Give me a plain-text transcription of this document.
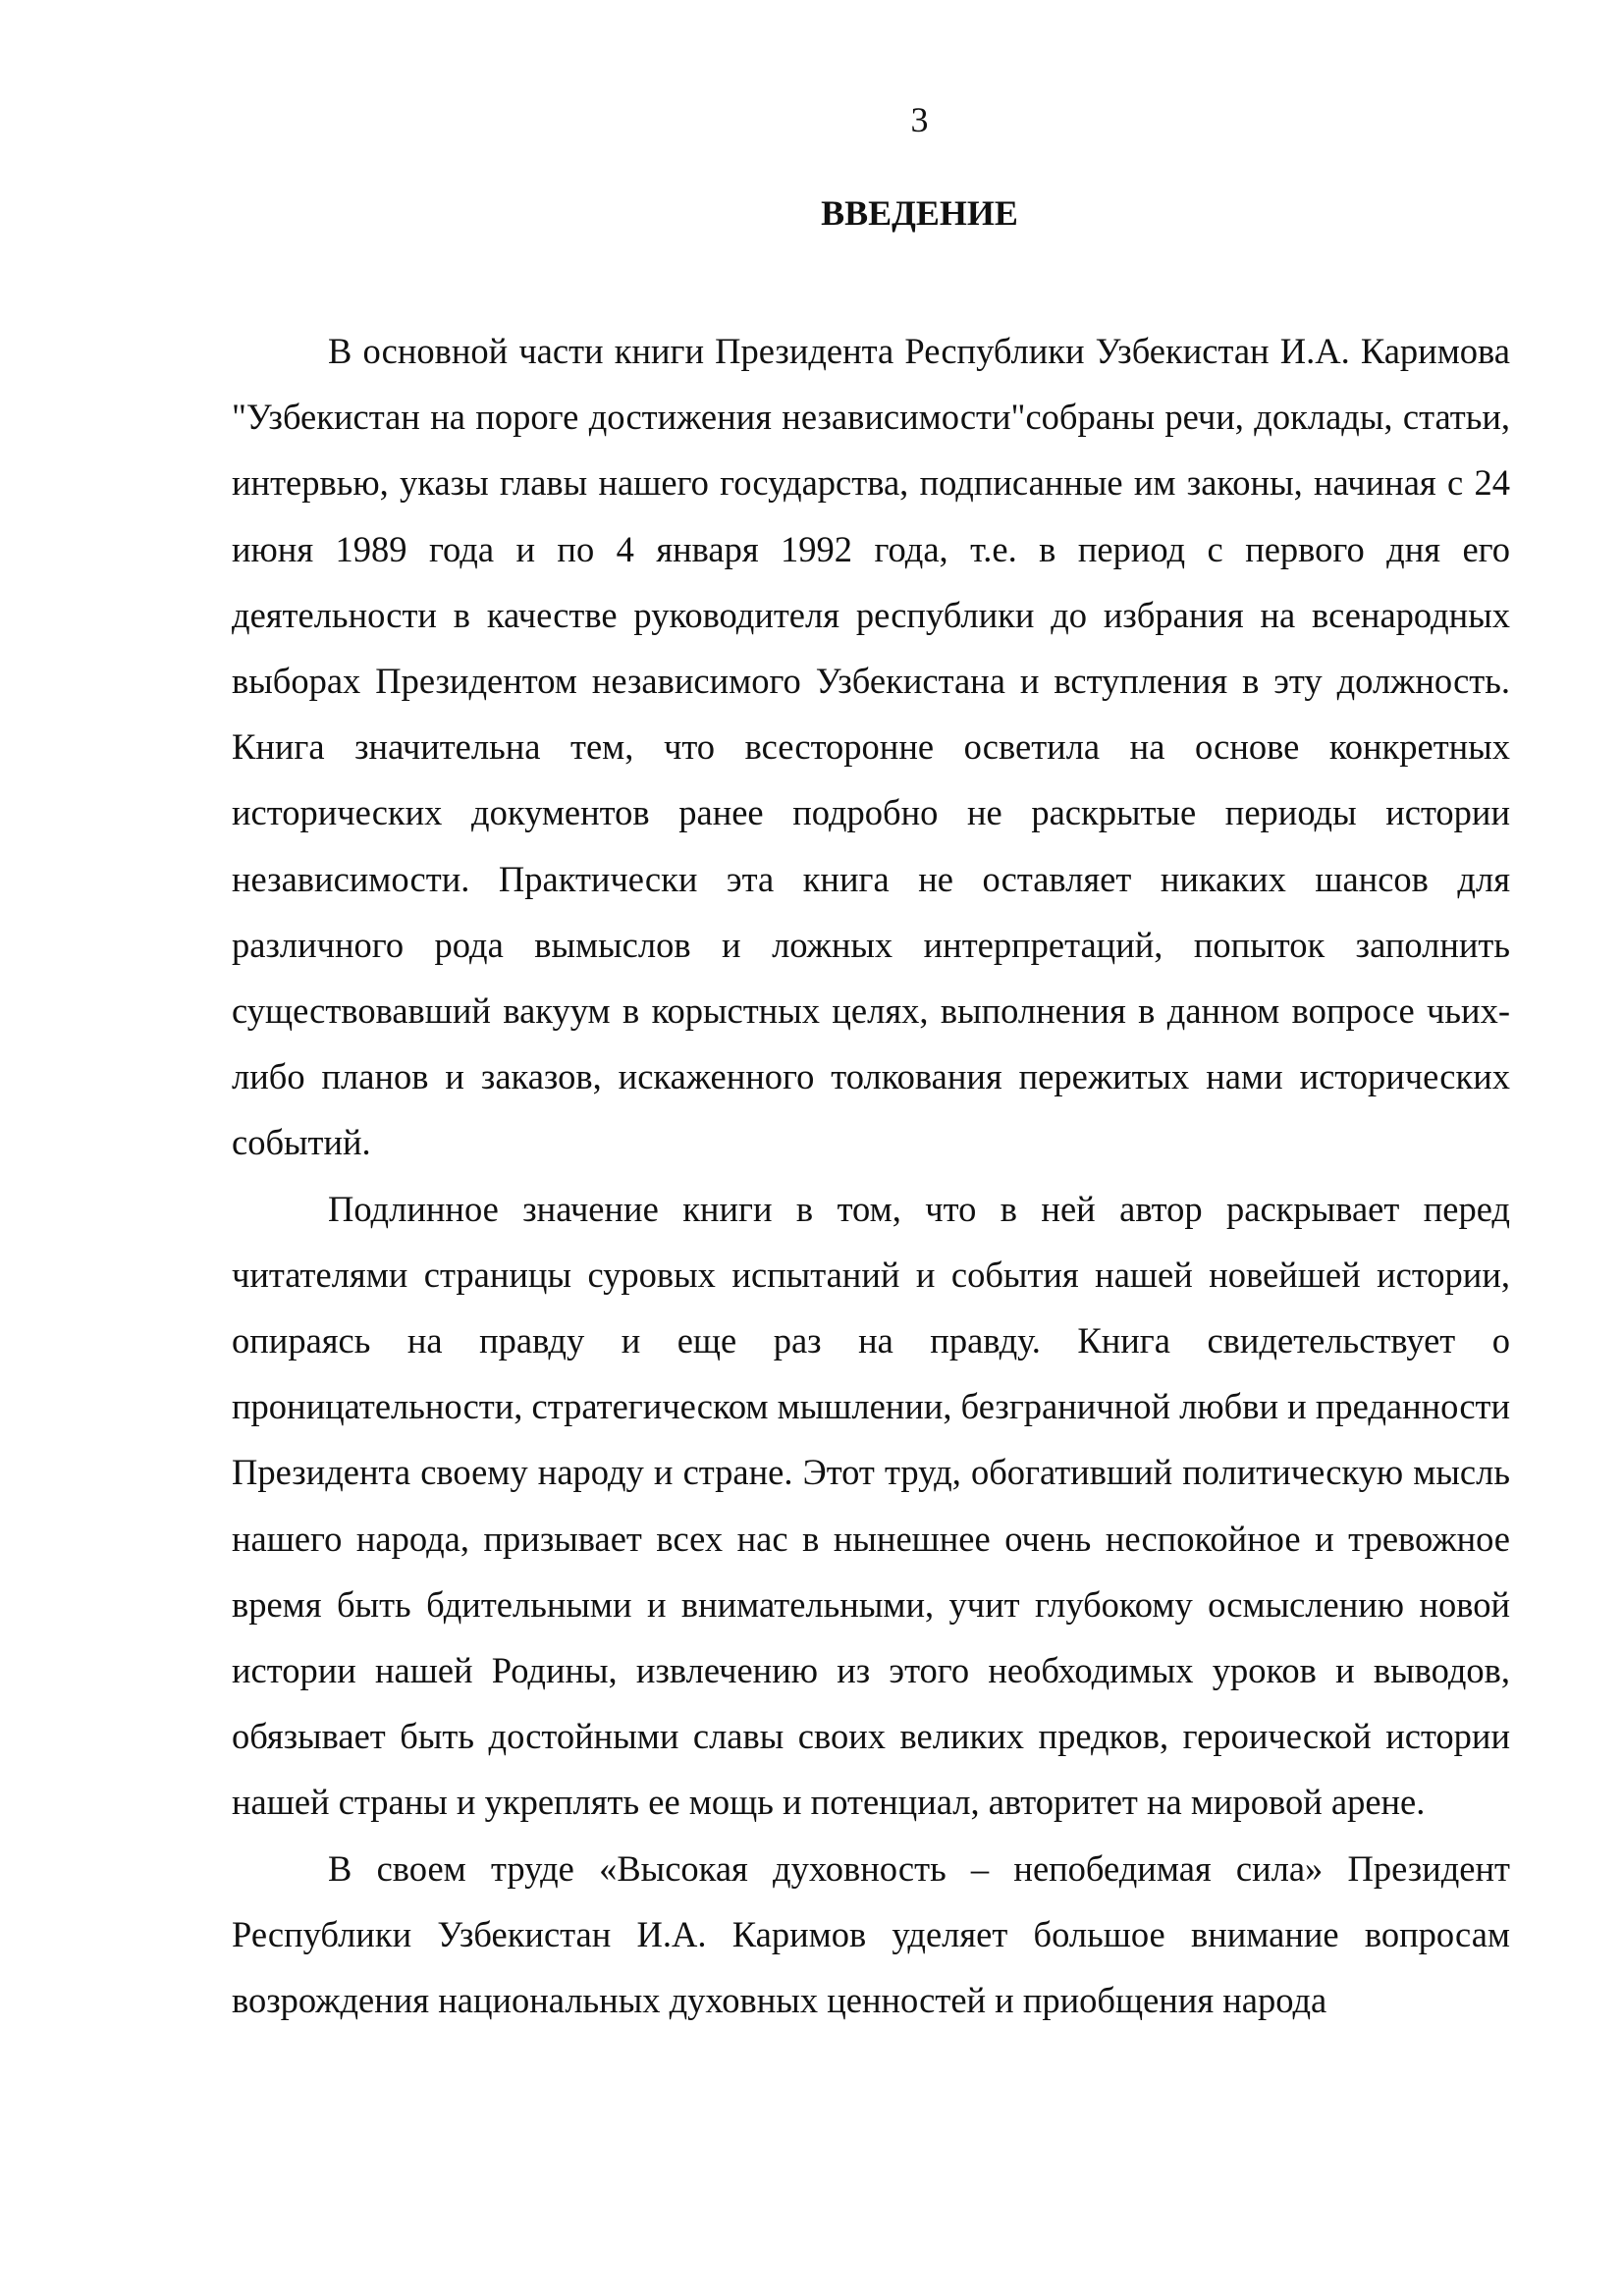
3
ВВЕДЕНИЕ

В основной части книги Президента Республики Узбекистан И.А. Каримова "Узбекистан на пороге достижения независимости"собраны речи, доклады, статьи, интервью, указы главы нашего государства, подписанные им законы, начиная с 24 июня 1989 года и по 4 января 1992 года, т.е. в период с первого дня его деятельности в качестве руководителя республики до избрания на всенародных выборах Президентом независимого Узбекистана и вступления в эту должность. Книга значительна тем, что всесторонне осветила на основе конкретных исторических документов ранее подробно не раскрытые периоды истории независимости. Практически эта книга не оставляет никаких шансов для различного рода вымыслов и ложных интерпретаций, попыток заполнить существовавший вакуум в корыстных целях, выполнения в данном вопросе чьих-либо планов и заказов, искаженного толкования пережитых нами исторических событий.

Подлинное значение книги в том, что в ней автор раскрывает перед читателями страницы суровых испытаний и события нашей новейшей истории, опираясь на правду и еще раз на правду. Книга свидетельствует о проницательности, стратегическом мышлении, безграничной любви и преданности Президента своему народу и стране. Этот труд, обогативший политическую мысль нашего народа, призывает всех нас в нынешнее очень неспокойное и тревожное время быть бдительными и внимательными, учит глубокому осмыслению новой истории нашей Родины, извлечению из этого необходимых уроков и выводов, обязывает быть достойными славы своих великих предков, героической истории нашей страны и укреплять ее мощь и потенциал, авторитет на мировой арене.

В своем труде «Высокая духовность – непобедимая сила» Президент Республики Узбекистан И.А. Каримов уделяет большое внимание вопросам возрождения национальных духовных ценностей и приобщения народа
